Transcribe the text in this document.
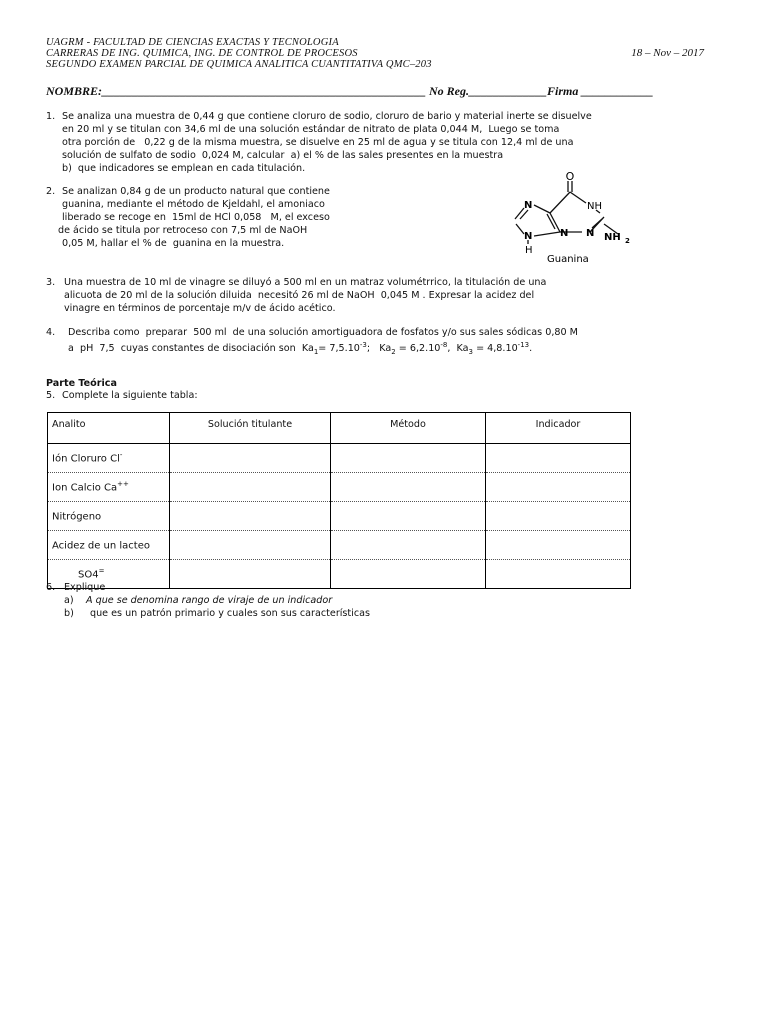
UAGRM - FACULTAD DE CIENCIAS EXACTAS Y TECNOLOGIA
CARRERAS DE ING. QUIMICA, ING. DE CONTROL DE PROCESOS
SEGUNDO EXAMEN PARCIAL DE QUIMICA ANALITICA CUANTITATIVA QMC–203
18 – Nov – 2017
NOMBRE:______________________________________________________ No Reg._____________Firma ____________
1. Se analiza una muestra de 0,44 g que contiene cloruro de sodio, cloruro de bario y material inerte se disuelve
en 20 ml y se titulan con 34,6 ml de una solución estándar de nitrato de plata 0,044 M,  Luego se toma
otra porción de   0,22 g de la misma muestra, se disuelve en 25 ml de agua y se titula con 12,4 ml de una
solución de sulfato de sodio  0,024 M, calcular  a) el % de las sales presentes en la muestra
b)  que indicadores se emplean en cada titulación.
2. Se analizan 0,84 g de un producto natural que contiene
guanina, mediante el método de Kjeldahl, el amoniaco
liberado se recoge en  15ml de HCl 0,058   M, el exceso
de ácido se titula por retroceso con 7,5 ml de NaOH
0,05 M, hallar el % de  guanina en la muestra.
O
NH
N
N
N
N
H
NH 2
Guanina
3. Una muestra de 10 ml de vinagre se diluyó a 500 ml en un matraz volumétrrico, la titulación de una
alicuota de 20 ml de la solución diluida  necesitó 26 ml de NaOH  0,045 M . Expresar la acidez del
vinagre en términos de porcentaje m/v de ácido acético.
4. Describa como  preparar  500 ml  de una solución amortiguadora de fosfatos y/o sus sales sódicas 0,80 M
a  pH  7,5  cuyas constantes de disociación son  $Ka_1= 7,5.10^{-3}$;   $Ka_2 = 6,2.10^{-8}$,  $Ka_3 = 4,8.10^{-13}$.
Parte Teórica
5. Complete la siguiente tabla:
Analito	Solución titulante	Método	Indicador
Ión Cloruro Cl-			
Ion Calcio Ca++			
Nitrógeno			
Acidez de un lacteo			
SO4=			
6. Explique
a) A que se denomina rango de viraje de un indicador
b) que es un patrón primario y cuales son sus características
